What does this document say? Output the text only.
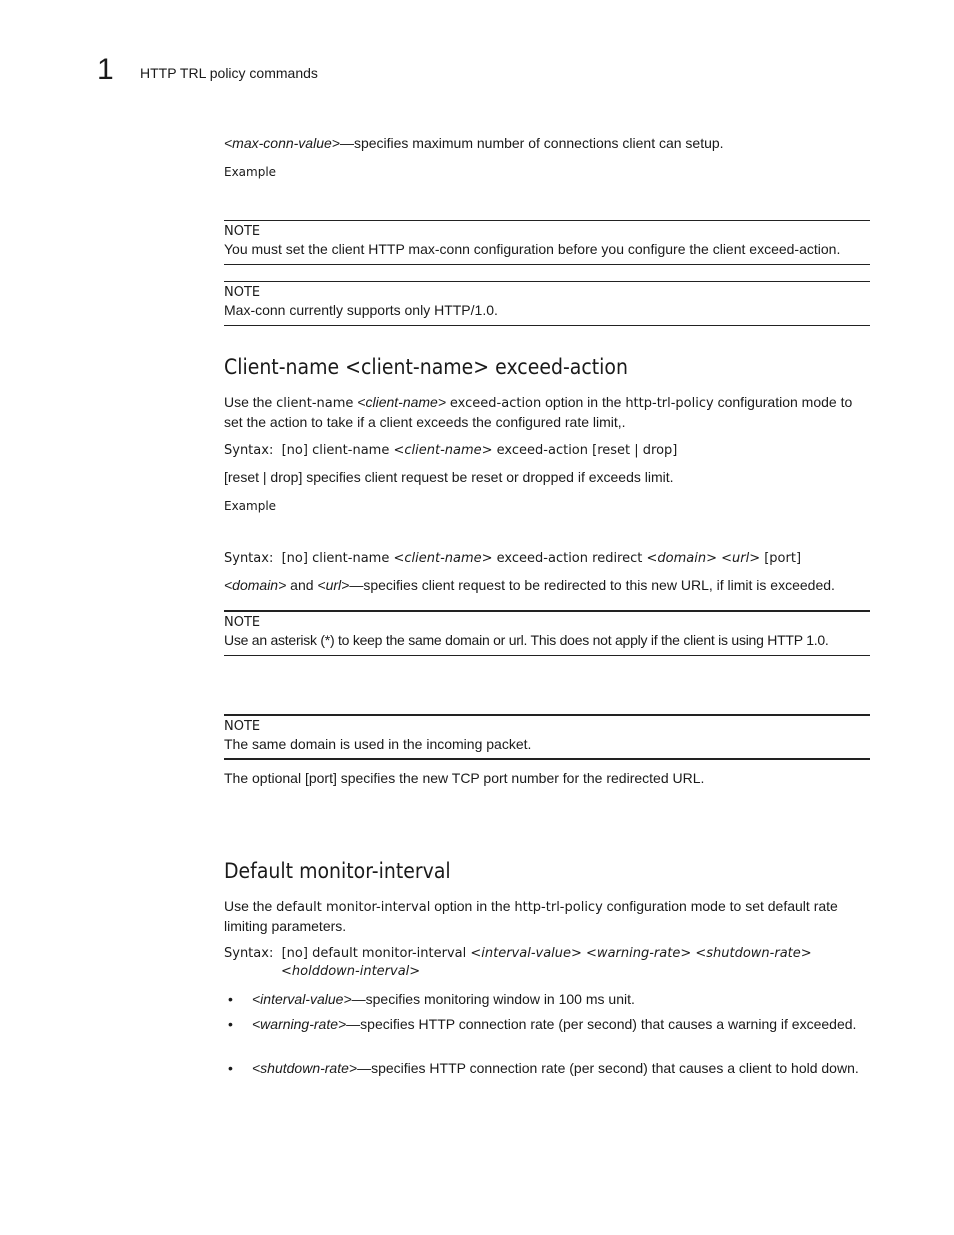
1 HTTP TRL policy commands
<max-conn-value>—specifies maximum number of connections client can setup.
Example
NOTE
You must set the client HTTP max-conn configuration before you configure the client exceed-action.
NOTE
Max-conn currently supports only HTTP/1.0.
Client-name <client-name> exceed-action
Use the client-name <client-name> exceed-action option in the http-trl-policy configuration mode to
set the action to take if a client exceeds the configured rate limit,.
Syntax: [no] client-name <client-name> exceed-action [reset | drop]
[reset | drop] specifies client request be reset or dropped if exceeds limit.
Example
Syntax: [no] client-name <client-name> exceed-action redirect <domain> <url> [port]
<domain> and <url>—specifies client request to be redirected to this new URL, if limit is exceeded.
NOTE
Use an asterisk (*) to keep the same domain or url. This does not apply if the client is using HTTP 1.0.
NOTE
The same domain is used in the incoming packet.
The optional [port] specifies the new TCP port number for the redirected URL.
Default monitor-interval
Use the default monitor-interval option in the http-trl-policy configuration mode to set default rate
limiting parameters.
Syntax: [no] default monitor-interval <interval-value> <warning-rate> <shutdown-rate>
<holddown-interval>
• <interval-value>—specifies monitoring window in 100 ms unit.
• <warning-rate>—specifies HTTP connection rate (per second) that causes a warning if exceeded.
• <shutdown-rate>—specifies HTTP connection rate (per second) that causes a client to hold down.
